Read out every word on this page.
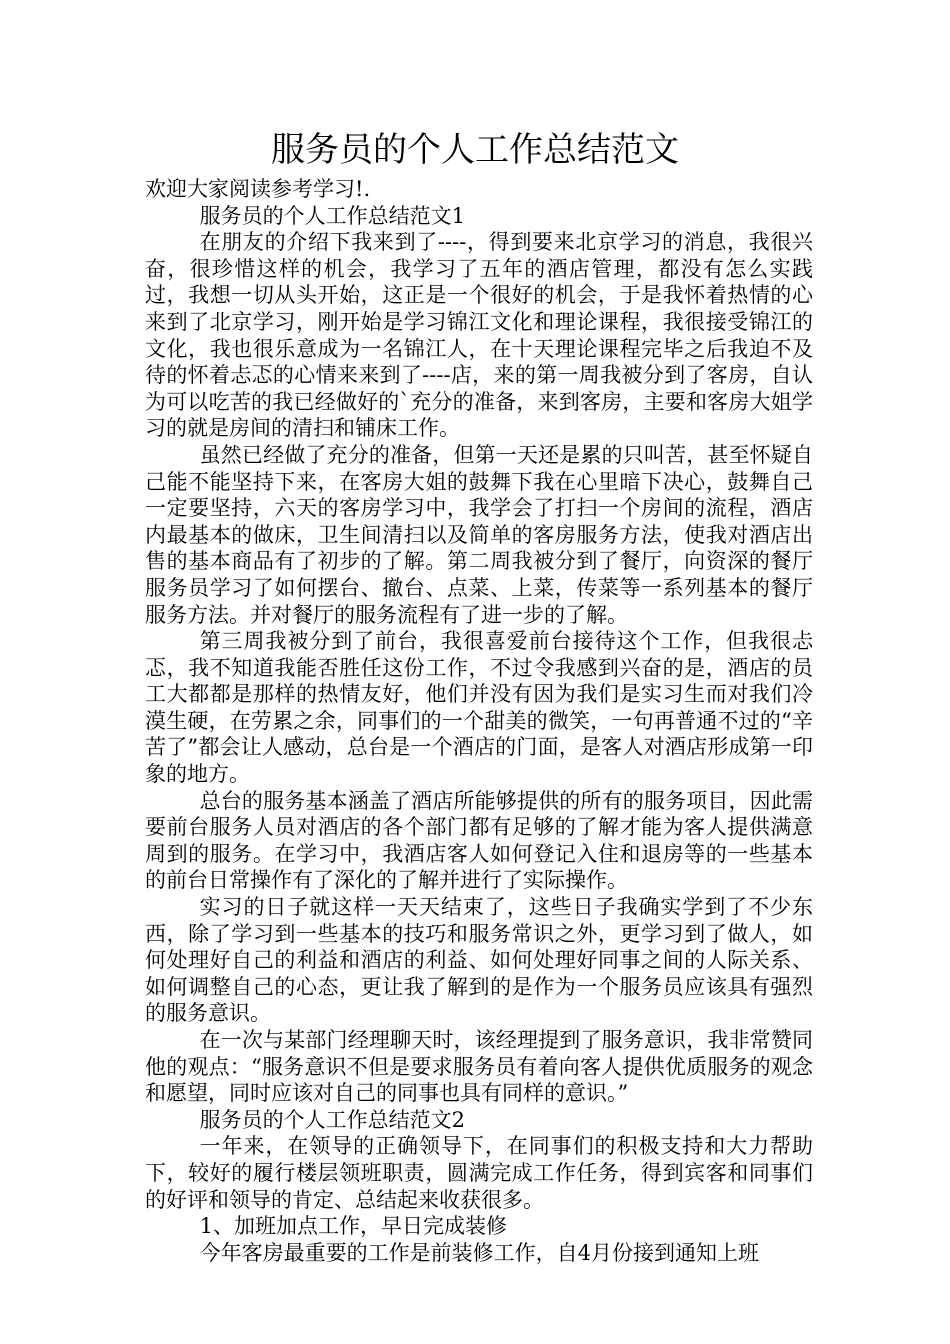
服务员的个人工作总结范文

欢迎大家阅读参考学习!.

服务员的个人工作总结范文1

在朋友的介绍下我来到了----，得到要来北京学习的消息，我很兴奋，很珍惜这样的机会，我学习了五年的酒店管理，都没有怎么实践过，我想一切从头开始，这正是一个很好的机会，于是我怀着热情的心来到了北京学习，刚开始是学习锦江文化和理论课程，我很接受锦江的文化，我也很乐意成为一名锦江人，在十天理论课程完毕之后我迫不及待的怀着忐忑的心情来来到了----店，来的第一周我被分到了客房，自认为可以吃苦的我已经做好的`充分的准备，来到客房，主要和客房大姐学习的就是房间的清扫和铺床工作。

虽然已经做了充分的准备，但第一天还是累的只叫苦，甚至怀疑自己能不能坚持下来，在客房大姐的鼓舞下我在心里暗下决心，鼓舞自己一定要坚持，六天的客房学习中，我学会了打扫一个房间的流程，酒店内最基本的做床，卫生间清扫以及简单的客房服务方法，使我对酒店出售的基本商品有了初步的了解。第二周我被分到了餐厅，向资深的餐厅服务员学习了如何摆台、撤台、点菜、上菜，传菜等一系列基本的餐厅服务方法。并对餐厅的服务流程有了进一步的了解。

第三周我被分到了前台，我很喜爱前台接待这个工作，但我很忐忑，我不知道我能否胜任这份工作，不过令我感到兴奋的是，酒店的员工大都都是那样的热情友好，他们并没有因为我们是实习生而对我们冷漠生硬，在劳累之余，同事们的一个甜美的微笑，一句再普通不过的“辛苦了”都会让人感动，总台是一个酒店的门面，是客人对酒店形成第一印象的地方。

总台的服务基本涵盖了酒店所能够提供的所有的服务项目，因此需要前台服务人员对酒店的各个部门都有足够的了解才能为客人提供满意周到的服务。在学习中，我酒店客人如何登记入住和退房等的一些基本的前台日常操作有了深化的了解并进行了实际操作。

实习的日子就这样一天天结束了，这些日子我确实学到了不少东西，除了学习到一些基本的技巧和服务常识之外，更学习到了做人，如何处理好自己的利益和酒店的利益、如何处理好同事之间的人际关系、如何调整自己的心态，更让我了解到的是作为一个服务员应该具有强烈的服务意识。

在一次与某部门经理聊天时，该经理提到了服务意识，我非常赞同他的观点：“服务意识不但是要求服务员有着向客人提供优质服务的观念和愿望，同时应该对自己的同事也具有同样的意识。”

服务员的个人工作总结范文2

一年来，在领导的正确领导下，在同事们的积极支持和大力帮助下，较好的履行楼层领班职责，圆满完成工作任务，得到宾客和同事们的好评和领导的肯定、总结起来收获很多。

1、加班加点工作，早日完成装修

今年客房最重要的工作是前装修工作，自4月份接到通知上班
